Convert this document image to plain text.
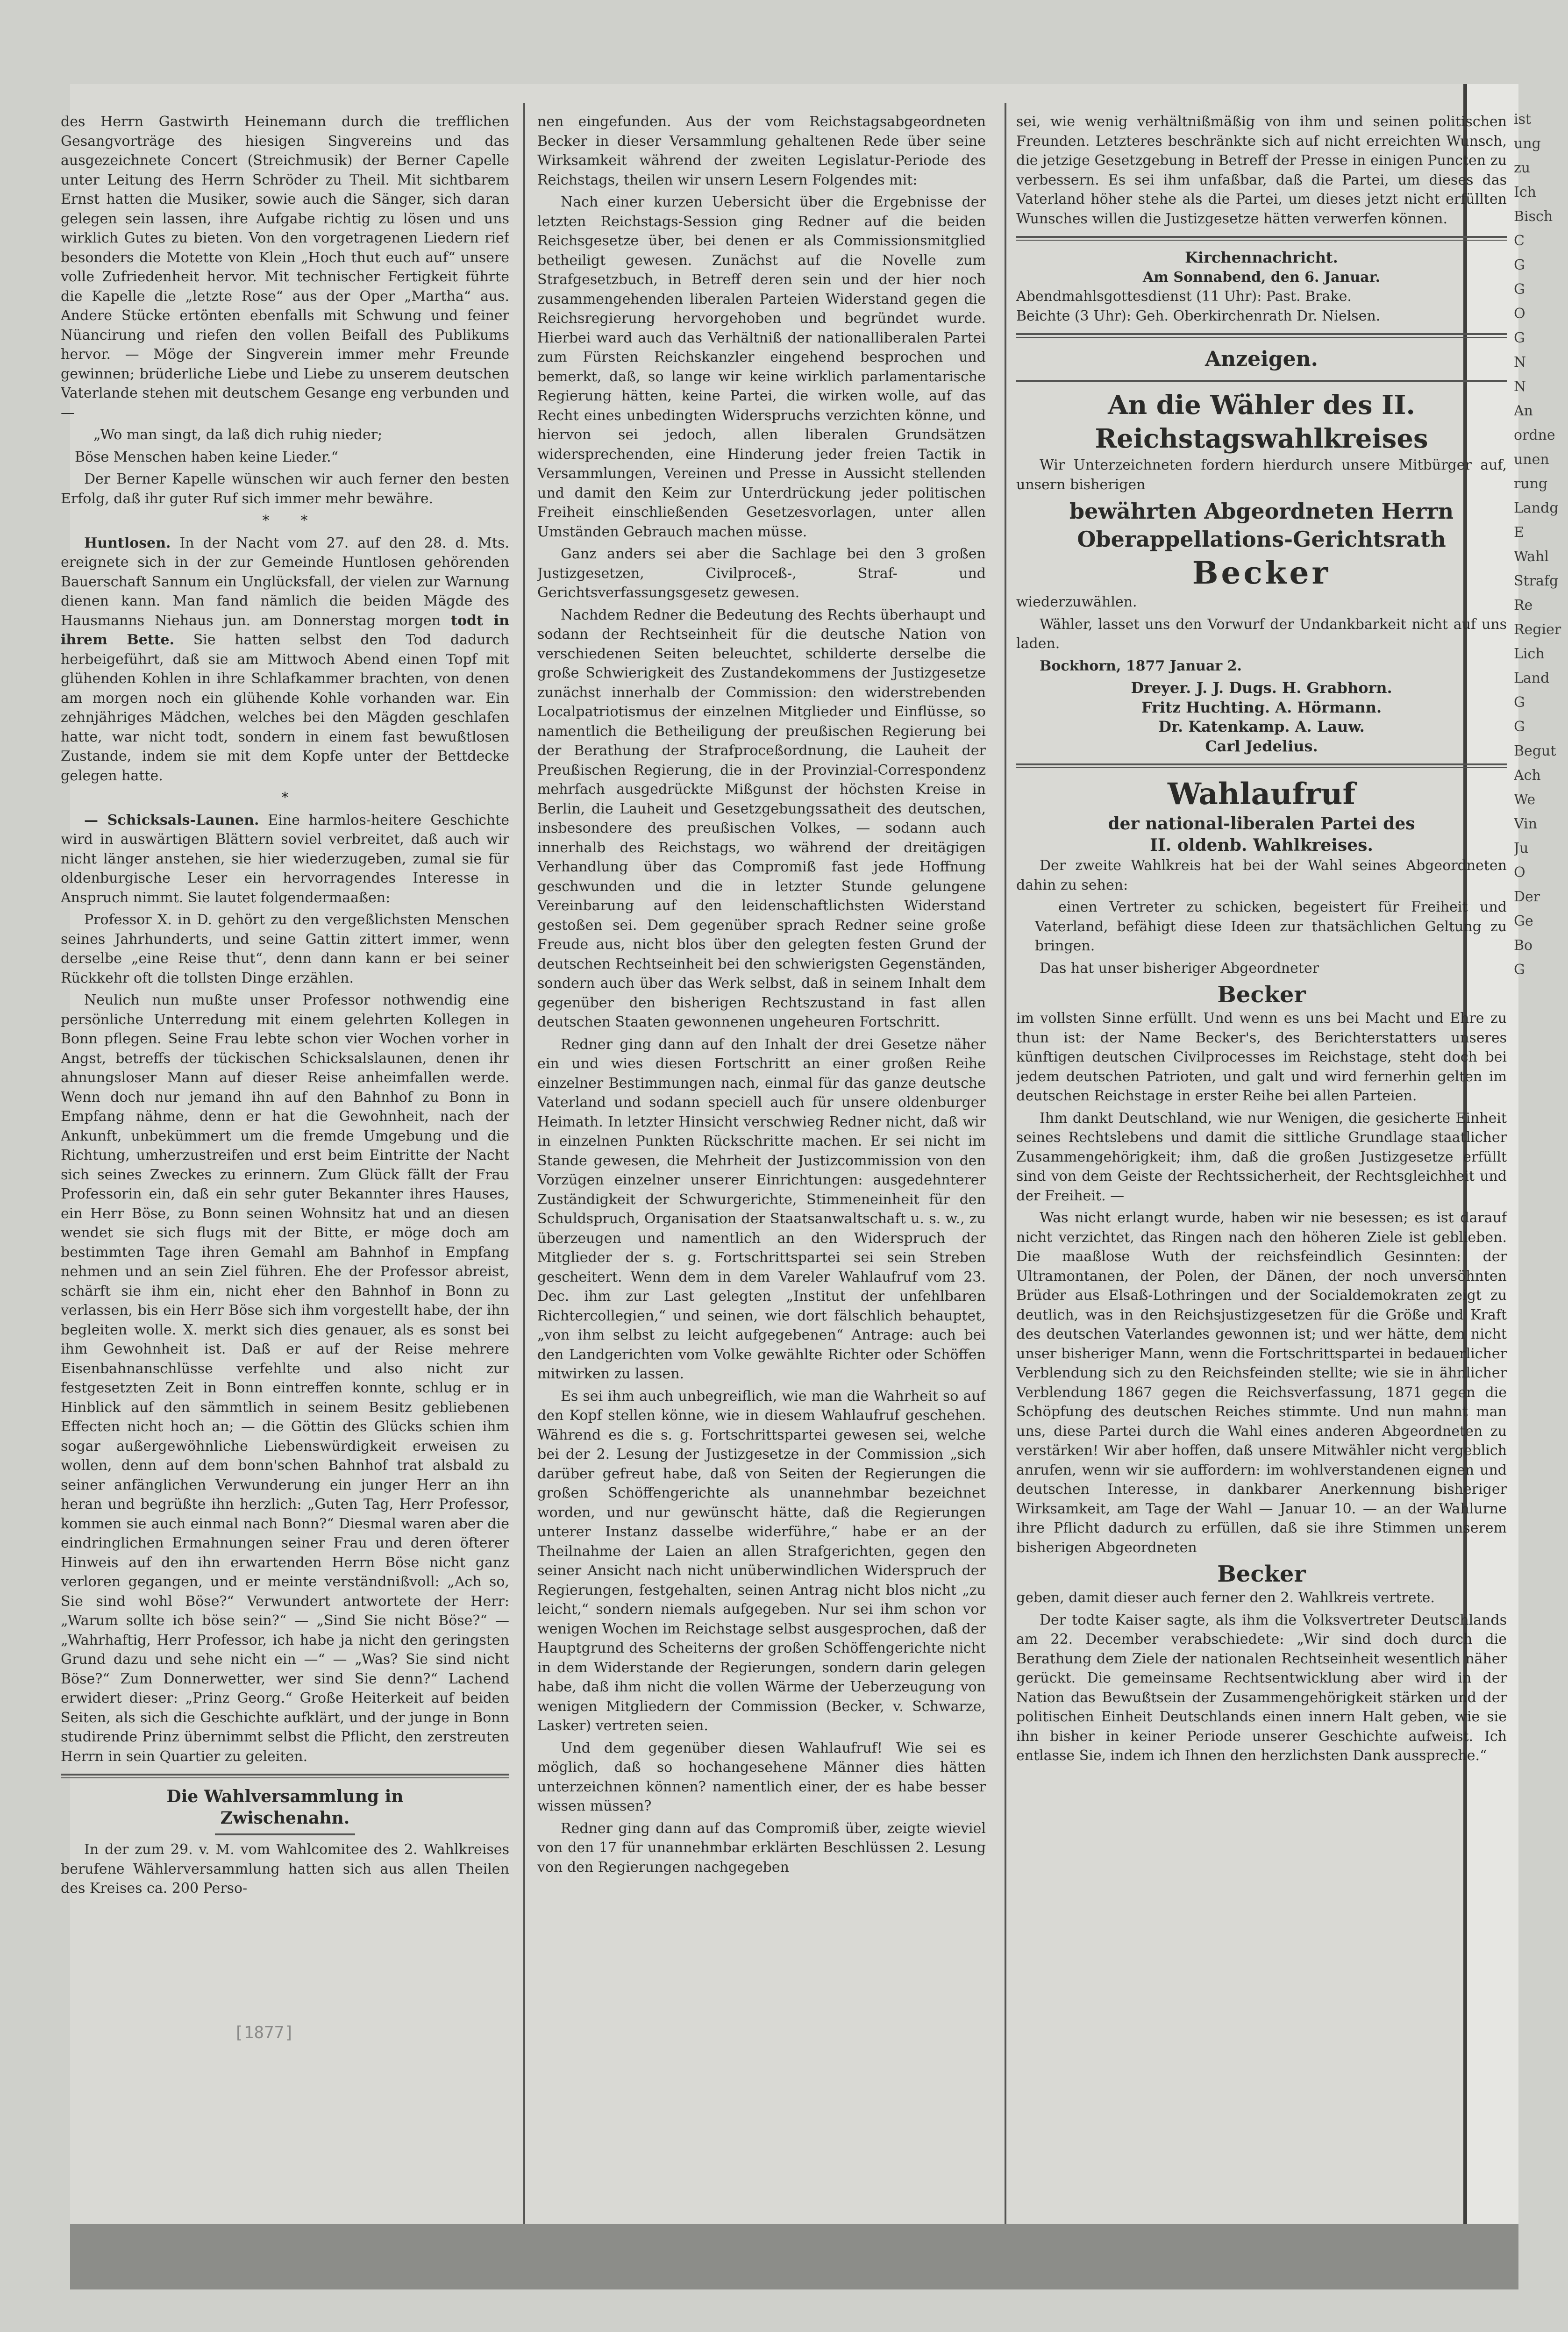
des Herrn Gastwirth Heinemann durch die trefflichen Gesangvorträge des hiesigen Singvereins und das ausgezeichnete Concert (Streichmusik) der Berner Capelle unter Leitung des Herrn Schröder zu Theil. Mit sichtbarem Ernst hatten die Musiker, sowie auch die Sänger, sich daran gelegen sein lassen, ihre Aufgabe richtig zu lösen und uns wirklich Gutes zu bieten. Von den vorgetragenen Liedern rief besonders die Motette von Klein „Hoch thut euch auf“ unsere volle Zufriedenheit hervor. Mit technischer Fertigkeit führte die Kapelle die „letzte Rose“ aus der Oper „Martha“ aus. Andere Stücke ertönten ebenfalls mit Schwung und feiner Nüancirung und riefen den vollen Beifall des Publikums hervor. — Möge der Singverein immer mehr Freunde gewinnen; brüderliche Liebe und Liebe zu unserem deutschen Vaterlande stehen mit deutschem Gesange eng verbunden und —

„Wo man singt, da laß dich ruhig nieder;

Böse Menschen haben keine Lieder.“

Der Berner Kapelle wünschen wir auch ferner den besten Erfolg, daß ihr guter Ruf sich immer mehr bewähre.

*       *

Huntlosen. In der Nacht vom 27. auf den 28. d. Mts. ereignete sich in der zur Gemeinde Huntlosen gehörenden Bauerschaft Sannum ein Unglücksfall, der vielen zur Warnung dienen kann. Man fand nämlich die beiden Mägde des Hausmanns Niehaus jun. am Donnerstag morgen todt in ihrem Bette. Sie hatten selbst den Tod dadurch herbeigeführt, daß sie am Mittwoch Abend einen Topf mit glühenden Kohlen in ihre Schlafkammer brachten, von denen am morgen noch ein glühende Kohle vorhanden war. Ein zehnjähriges Mädchen, welches bei den Mägden geschlafen hatte, war nicht todt, sondern in einem fast bewußtlosen Zustande, indem sie mit dem Kopfe unter der Bettdecke gelegen hatte.

*

— Schicksals-Launen. Eine harmlos-heitere Geschichte wird in auswärtigen Blättern soviel verbreitet, daß auch wir nicht länger anstehen, sie hier wiederzugeben, zumal sie für oldenburgische Leser ein hervorragendes Interesse in Anspruch nimmt. Sie lautet folgendermaaßen:

Professor X. in D. gehört zu den vergeßlichsten Menschen seines Jahrhunderts, und seine Gattin zittert immer, wenn derselbe „eine Reise thut“, denn dann kann er bei seiner Rückkehr oft die tollsten Dinge erzählen.

Neulich nun mußte unser Professor nothwendig eine persönliche Unterredung mit einem gelehrten Kollegen in Bonn pflegen. Seine Frau lebte schon vier Wochen vorher in Angst, betreffs der tückischen Schicksalslaunen, denen ihr ahnungsloser Mann auf dieser Reise anheimfallen werde. Wenn doch nur jemand ihn auf den Bahnhof zu Bonn in Empfang nähme, denn er hat die Gewohnheit, nach der Ankunft, unbekümmert um die fremde Umgebung und die Richtung, umherzustreifen und erst beim Eintritte der Nacht sich seines Zweckes zu erinnern. Zum Glück fällt der Frau Professorin ein, daß ein sehr guter Bekannter ihres Hauses, ein Herr Böse, zu Bonn seinen Wohnsitz hat und an diesen wendet sie sich flugs mit der Bitte, er möge doch am bestimmten Tage ihren Gemahl am Bahnhof in Empfang nehmen und an sein Ziel führen. Ehe der Professor abreist, schärft sie ihm ein, nicht eher den Bahnhof in Bonn zu verlassen, bis ein Herr Böse sich ihm vorgestellt habe, der ihn begleiten wolle. X. merkt sich dies genauer, als es sonst bei ihm Gewohnheit ist. Daß er auf der Reise mehrere Eisenbahnanschlüsse verfehlte und also nicht zur festgesetzten Zeit in Bonn eintreffen konnte, schlug er in Hinblick auf den sämmtlich in seinem Besitz gebliebenen Effecten nicht hoch an; — die Göttin des Glücks schien ihm sogar außergewöhnliche Liebenswürdigkeit erweisen zu wollen, denn auf dem bonn'schen Bahnhof trat alsbald zu seiner anfänglichen Verwunderung ein junger Herr an ihn heran und begrüßte ihn herzlich: „Guten Tag, Herr Professor, kommen sie auch einmal nach Bonn?“ Diesmal waren aber die eindringlichen Ermahnungen seiner Frau und deren öfterer Hinweis auf den ihn erwartenden Herrn Böse nicht ganz verloren gegangen, und er meinte verständnißvoll: „Ach so, Sie sind wohl Böse?“ Verwundert antwortete der Herr: „Warum sollte ich böse sein?“ — „Sind Sie nicht Böse?“ — „Wahrhaftig, Herr Professor, ich habe ja nicht den geringsten Grund dazu und sehe nicht ein —“ — „Was? Sie sind nicht Böse?“ Zum Donnerwetter, wer sind Sie denn?“ Lachend erwidert dieser: „Prinz Georg.“ Große Heiterkeit auf beiden Seiten, als sich die Geschichte aufklärt, und der junge in Bonn studirende Prinz übernimmt selbst die Pflicht, den zerstreuten Herrn in sein Quartier zu geleiten.

Die Wahlversammlung in
Zwischenahn.

In der zum 29. v. M. vom Wahlcomitee des 2. Wahlkreises berufene Wählerversammlung hatten sich aus allen Theilen des Kreises ca. 200 Perso-

nen eingefunden. Aus der vom Reichstagsabgeordneten Becker in dieser Versammlung gehaltenen Rede über seine Wirksamkeit während der zweiten Legislatur-Periode des Reichstags, theilen wir unsern Lesern Folgendes mit:

Nach einer kurzen Uebersicht über die Ergebnisse der letzten Reichstags-Session ging Redner auf die beiden Reichsgesetze über, bei denen er als Commissionsmitglied betheiligt gewesen. Zunächst auf die Novelle zum Strafgesetzbuch, in Betreff deren sein und der hier noch zusammengehenden liberalen Parteien Widerstand gegen die Reichsregierung hervorgehoben und begründet wurde. Hierbei ward auch das Verhältniß der nationalliberalen Partei zum Fürsten Reichskanzler eingehend besprochen und bemerkt, daß, so lange wir keine wirklich parlamentarische Regierung hätten, keine Partei, die wirken wolle, auf das Recht eines unbedingten Widerspruchs verzichten könne, und hiervon sei jedoch, allen liberalen Grundsätzen widersprechenden, eine Hinderung jeder freien Tactik in Versammlungen, Vereinen und Presse in Aussicht stellenden und damit den Keim zur Unterdrückung jeder politischen Freiheit einschließenden Gesetzesvorlagen, unter allen Umständen Gebrauch machen müsse.

Ganz anders sei aber die Sachlage bei den 3 großen Justizgesetzen, Civilproceß-, Straf- und Gerichtsverfassungsgesetz gewesen.

Nachdem Redner die Bedeutung des Rechts überhaupt und sodann der Rechtseinheit für die deutsche Nation von verschiedenen Seiten beleuchtet, schilderte derselbe die große Schwierigkeit des Zustandekommens der Justizgesetze zunächst innerhalb der Commission: den widerstrebenden Localpatriotismus der einzelnen Mitglieder und Einflüsse, so namentlich die Betheiligung der preußischen Regierung bei der Berathung der Strafproceßordnung, die Lauheit der Preußischen Regierung, die in der Provinzial-Correspondenz mehrfach ausgedrückte Mißgunst der höchsten Kreise in Berlin, die Lauheit und Gesetzgebungssatheit des deutschen, insbesondere des preußischen Volkes, — sodann auch innerhalb des Reichstags, wo während der dreitägigen Verhandlung über das Compromiß fast jede Hoffnung geschwunden und die in letzter Stunde gelungene Vereinbarung auf den leidenschaftlichsten Widerstand gestoßen sei. Dem gegenüber sprach Redner seine große Freude aus, nicht blos über den gelegten festen Grund der deutschen Rechtseinheit bei den schwierigsten Gegenständen, sondern auch über das Werk selbst, daß in seinem Inhalt dem gegenüber den bisherigen Rechtszustand in fast allen deutschen Staaten gewonnenen ungeheuren Fortschritt.

Redner ging dann auf den Inhalt der drei Gesetze näher ein und wies diesen Fortschritt an einer großen Reihe einzelner Bestimmungen nach, einmal für das ganze deutsche Vaterland und sodann speciell auch für unsere oldenburger Heimath. In letzter Hinsicht verschwieg Redner nicht, daß wir in einzelnen Punkten Rückschritte machen. Er sei nicht im Stande gewesen, die Mehrheit der Justizcommission von den Vorzügen einzelner unserer Einrichtungen: ausgedehnterer Zuständigkeit der Schwurgerichte, Stimmeneinheit für den Schuldspruch, Organisation der Staatsanwaltschaft u. s. w., zu überzeugen und namentlich an den Widerspruch der Mitglieder der s. g. Fortschrittspartei sei sein Streben gescheitert. Wenn dem in dem Vareler Wahlaufruf vom 23. Dec. ihm zur Last gelegten „Institut der unfehlbaren Richtercollegien,“ und seinen, wie dort fälschlich behauptet, „von ihm selbst zu leicht aufgegebenen“ Antrage: auch bei den Landgerichten vom Volke gewählte Richter oder Schöffen mitwirken zu lassen.

Es sei ihm auch unbegreiflich, wie man die Wahrheit so auf den Kopf stellen könne, wie in diesem Wahlaufruf geschehen. Während es die s. g. Fortschrittspartei gewesen sei, welche bei der 2. Lesung der Justizgesetze in der Commission „sich darüber gefreut habe, daß von Seiten der Regierungen die großen Schöffengerichte als unannehmbar bezeichnet worden, und nur gewünscht hätte, daß die Regierungen unterer Instanz dasselbe widerführe,“ habe er an der Theilnahme der Laien an allen Strafgerichten, gegen den seiner Ansicht nach nicht unüberwindlichen Widerspruch der Regierungen, festgehalten, seinen Antrag nicht blos nicht „zu leicht,“ sondern niemals aufgegeben. Nur sei ihm schon vor wenigen Wochen im Reichstage selbst ausgesprochen, daß der Hauptgrund des Scheiterns der großen Schöffengerichte nicht in dem Widerstande der Regierungen, sondern darin gelegen habe, daß ihm nicht die vollen Wärme der Ueberzeugung von wenigen Mitgliedern der Commission (Becker, v. Schwarze, Lasker) vertreten seien.

Und dem gegenüber diesen Wahlaufruf! Wie sei es möglich, daß so hochangesehene Männer dies hätten unterzeichnen können? namentlich einer, der es habe besser wissen müssen?

Redner ging dann auf das Compromiß über, zeigte wieviel von den 17 für unannehmbar erklärten Beschlüssen 2. Lesung von den Regierungen nachgegeben

sei, wie wenig verhältnißmäßig von ihm und seinen politischen Freunden. Letzteres beschränkte sich auf nicht erreichten Wunsch, die jetzige Gesetzgebung in Betreff der Presse in einigen Puncten zu verbessern. Es sei ihm unfaßbar, daß die Partei, um dieses das Vaterland höher stehe als die Partei, um dieses jetzt nicht erfüllten Wunsches willen die Justizgesetze hätten verwerfen können.

Kirchennachricht.
Am Sonnabend, den 6. Januar.
Abendmahlsgottesdienst (11 Uhr): Past. Brake.
Beichte (3 Uhr): Geh. Oberkirchenrath Dr. Nielsen.
Anzeigen.
An die Wähler des II.
Reichstagswahlkreises

Wir Unterzeichneten fordern hierdurch unsere Mitbürger auf, unsern bisherigen

bewährten Abgeordneten Herrn
Oberappellations-Gerichtsrath
Becker

wiederzuwählen.

Wähler, lasset uns den Vorwurf der Undankbarkeit nicht auf uns laden.

Bockhorn, 1877 Januar 2.

Dreyer. J. J. Dugs. H. Grabhorn.
Fritz Huchting. A. Hörmann.
Dr. Katenkamp. A. Lauw.
Carl Jedelius.
Wahlaufruf
der national-liberalen Partei des
II. oldenb. Wahlkreises.

Der zweite Wahlkreis hat bei der Wahl seines Abgeordneten dahin zu sehen:

einen Vertreter zu schicken, begeistert für Freiheit und Vaterland, befähigt diese Ideen zur thatsächlichen Geltung zu bringen.

Das hat unser bisheriger Abgeordneter

Becker

im vollsten Sinne erfüllt. Und wenn es uns bei Macht und Ehre zu thun ist: der Name Becker's, des Berichterstatters unseres künftigen deutschen Civilprocesses im Reichstage, steht doch bei jedem deutschen Patrioten, und galt und wird fernerhin gelten im deutschen Reichstage in erster Reihe bei allen Parteien.

Ihm dankt Deutschland, wie nur Wenigen, die gesicherte Einheit seines Rechtslebens und damit die sittliche Grundlage staatlicher Zusammengehörigkeit; ihm, daß die großen Justizgesetze erfüllt sind von dem Geiste der Rechtssicherheit, der Rechtsgleichheit und der Freiheit. —

Was nicht erlangt wurde, haben wir nie besessen; es ist darauf nicht verzichtet, das Ringen nach den höheren Ziele ist geblieben. Die maaßlose Wuth der reichsfeindlich Gesinnten: der Ultramontanen, der Polen, der Dänen, der noch unversöhnten Brüder aus Elsaß-Lothringen und der Socialdemokraten zeigt zu deutlich, was in den Reichsjustizgesetzen für die Größe und Kraft des deutschen Vaterlandes gewonnen ist; und wer hätte, dem nicht unser bisheriger Mann, wenn die Fortschrittspartei in bedauerlicher Verblendung sich zu den Reichsfeinden stellte; wie sie in ähnlicher Verblendung 1867 gegen die Reichsverfassung, 1871 gegen die Schöpfung des deutschen Reiches stimmte. Und nun mahnt man uns, diese Partei durch die Wahl eines anderen Abgeordneten zu verstärken! Wir aber hoffen, daß unsere Mitwähler nicht vergeblich anrufen, wenn wir sie auffordern: im wohlverstandenen eignen und deutschen Interesse, in dankbarer Anerkennung bisheriger Wirksamkeit, am Tage der Wahl — Januar 10. — an der Wahlurne ihre Pflicht dadurch zu erfüllen, daß sie ihre Stimmen unserem bisherigen Abgeordneten

Becker

geben, damit dieser auch ferner den 2. Wahlkreis vertrete.

Der todte Kaiser sagte, als ihm die Volksvertreter Deutschlands am 22. December verabschiedete: „Wir sind doch durch die Berathung dem Ziele der nationalen Rechtseinheit wesentlich näher gerückt. Die gemeinsame Rechtsentwicklung aber wird in der Nation das Bewußtsein der Zusammengehörigkeit stärken und der politischen Einheit Deutschlands einen innern Halt geben, wie sie ihn bisher in keiner Periode unserer Geschichte aufweist. Ich entlasse Sie, indem ich Ihnen den herzlichsten Dank ausspreche.“

ist
ung
zu
Ich
Bisch
C
G
G
O
G
N
N
An
ordne
unen
rung
Landg
E
Wahl
Strafg
Re
Regier
Lich
Land
G
G
Begut
Ach
We
Vin
Ju
O
Der
Ge
Bo
G
[1877]
